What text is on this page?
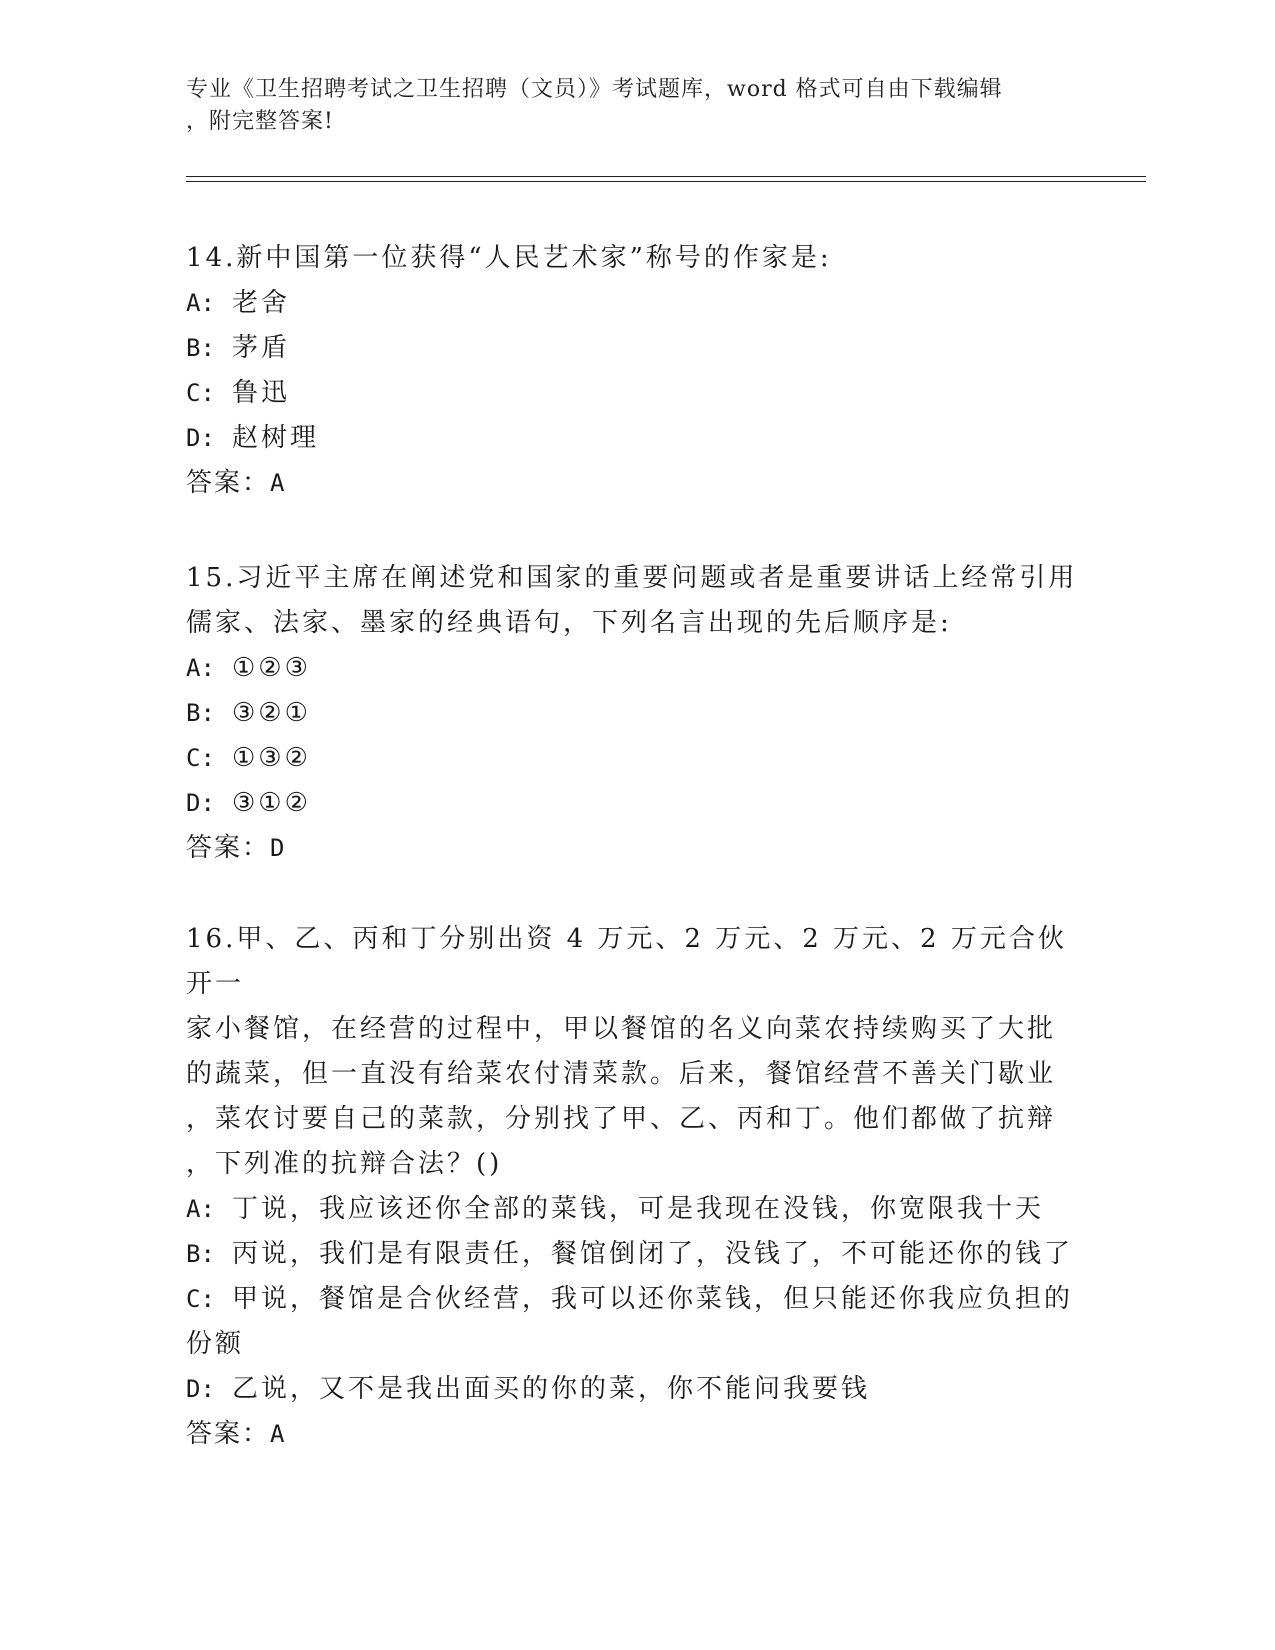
专业《卫生招聘考试之卫生招聘（文员）》考试题库，word 格式可自由下载编辑
，附完整答案!

14.新中国第一位获得“人民艺术家”称号的作家是:

A: 老舍

B: 茅盾

C: 鲁迅

D: 赵树理

答案：A

15.习近平主席在阐述党和国家的重要问题或者是重要讲话上经常引用

儒家、法家、墨家的经典语句，下列名言出现的先后顺序是:

A: ①②③

B: ③②①

C: ①③②

D: ③①②

答案：D

16.甲、乙、丙和丁分别出资 4 万元、2 万元、2 万元、2 万元合伙开一

家小餐馆，在经营的过程中，甲以餐馆的名义向菜农持续购买了大批

的蔬菜，但一直没有给菜农付清菜款。后来，餐馆经营不善关门歇业

，菜农讨要自己的菜款，分别找了甲、乙、丙和丁。他们都做了抗辩

，下列准的抗辩合法？()

A: 丁说，我应该还你全部的菜钱，可是我现在没钱，你宽限我十天

B: 丙说，我们是有限责任，餐馆倒闭了，没钱了，不可能还你的钱了

C: 甲说，餐馆是合伙经营，我可以还你菜钱，但只能还你我应负担的

份额

D: 乙说，又不是我出面买的你的菜，你不能问我要钱

答案：A
